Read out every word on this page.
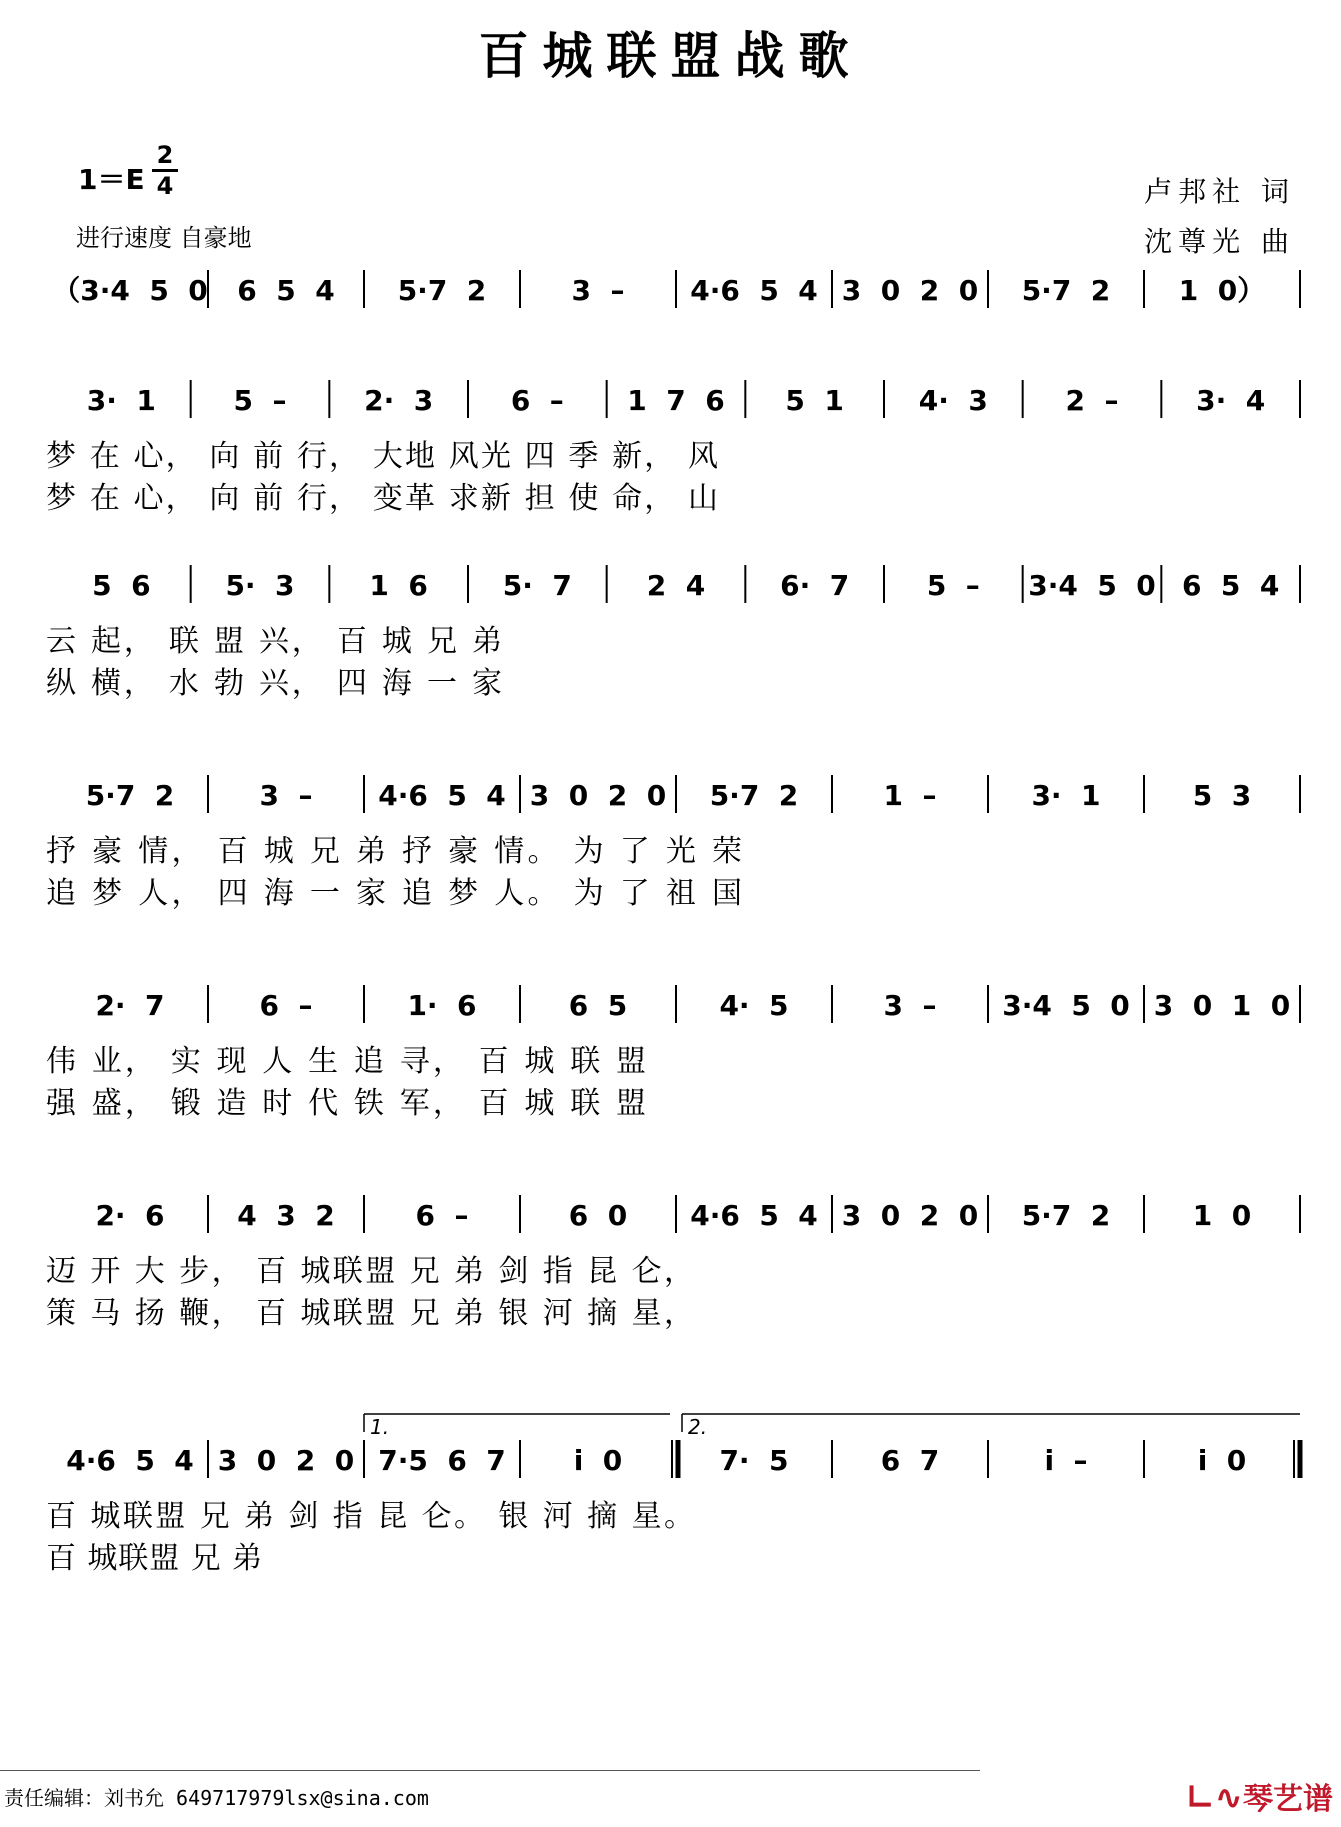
百城联盟战歌
1＝E
2
4
进行速度 自豪地
卢邦社 词
沈尊光 曲
（3·4  5  0 6  5  4 5·7  2	3  – 4·6  5  4 3  0  2  0 5·7  2 1  0）
3·  1	5  –	2·  3	6  – 1  7  6 5  1	4·  3	2  –	3·  4
梦 在 心， 向 前 行， 大地 风光 四 季 新， 风
梦 在 心， 向 前 行， 变革 求新 担 使 命， 山
5  6	5·  3	1  6	5·  7	2  4	6·  7	5  – 3·4  5  0 6  5  4
云 起， 联 盟 兴， 百 城 兄 弟
纵 横， 水 勃 兴， 四 海 一 家
5·7  2	3  – 4·6  5  4 3  0  2  0 5·7  2	1  –	3·  1	5  3
抒 豪 情， 百 城 兄 弟 抒 豪 情。 为 了 光 荣
追 梦 人， 四 海 一 家 追 梦 人。 为 了 祖 国
2·  7	6  –	1·  6	6  5	4·  5	3  – 3·4  5  0 3  0  1  0
伟 业， 实 现 人 生 追 寻， 百 城 联 盟
强 盛， 锻 造 时 代 铁 军， 百 城 联 盟
2·  6	4  3  2	6  –	6  0 4·6  5  4 3  0  2  0 5·7  2	1  0
迈 开 大 步， 百 城联盟 兄 弟 剑 指 昆 仑，
策 马 扬 鞭， 百 城联盟 兄 弟 银 河 摘 星，
4·6  5  4 3  0  2  0 7·5  6  7 i  0	7·  5	6  7	i  –	i  0
1.	2.
百 城联盟 兄 弟 剑 指 昆 仑。 银 河 摘 星。
百 城联盟 兄 弟
责任编辑：刘书允 649717979lsx@sina.com	∟∿琴艺谱
